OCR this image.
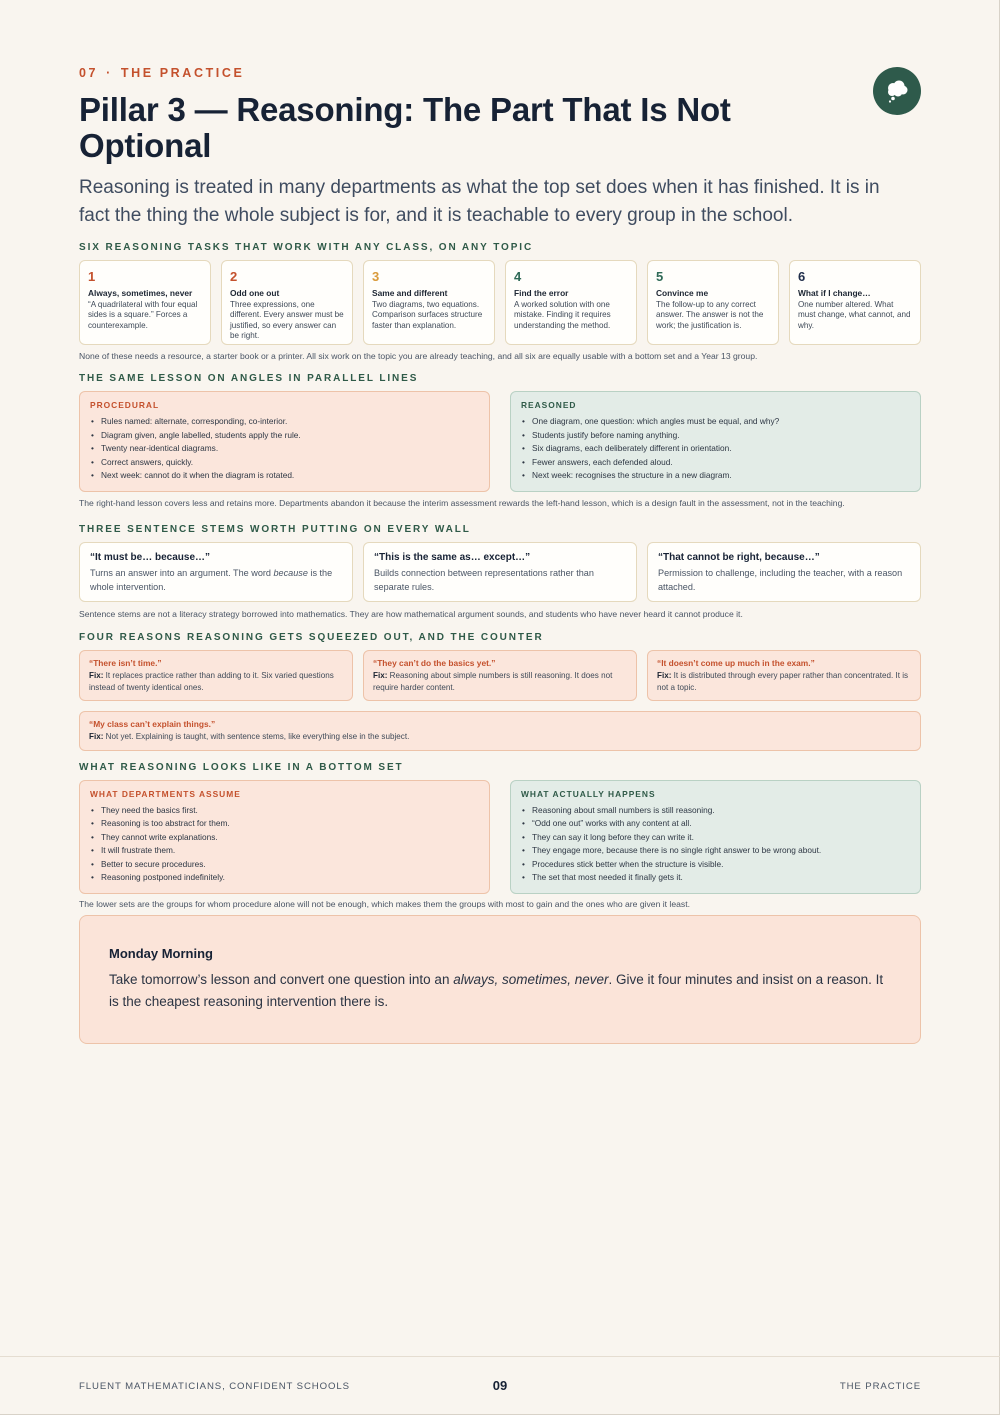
07 · THE PRACTICE
Pillar 3 — Reasoning: The Part That Is Not Optional

Reasoning is treated in many departments as what the top set does when it has finished. It is in fact the thing the whole subject is for, and it is teachable to every group in the school.

SIX REASONING TASKS THAT WORK WITH ANY CLASS, ON ANY TOPIC
1
Always, sometimes, never
“A quadrilateral with four equal sides is a square.” Forces a counterexample.
2
Odd one out
Three expressions, one different. Every answer must be justified, so every answer can be right.
3
Same and different
Two diagrams, two equations. Comparison surfaces structure faster than explanation.
4
Find the error
A worked solution with one mistake. Finding it requires understanding the method.
5
Convince me
The follow-up to any correct answer. The answer is not the work; the justification is.
6
What if I change…
One number altered. What must change, what cannot, and why.
None of these needs a resource, a starter book or a printer. All six work on the topic you are already teaching, and all six are equally usable with a bottom set and a Year 13 group.
THE SAME LESSON ON ANGLES IN PARALLEL LINES
PROCEDURAL
• Rules named: alternate, corresponding, co-interior.
• Diagram given, angle labelled, students apply the rule.
• Twenty near-identical diagrams.
• Correct answers, quickly.
• Next week: cannot do it when the diagram is rotated.
REASONED
• One diagram, one question: which angles must be equal, and why?
• Students justify before naming anything.
• Six diagrams, each deliberately different in orientation.
• Fewer answers, each defended aloud.
• Next week: recognises the structure in a new diagram.
The right-hand lesson covers less and retains more. Departments abandon it because the interim assessment rewards the left-hand lesson, which is a design fault in the assessment, not in the teaching.
THREE SENTENCE STEMS WORTH PUTTING ON EVERY WALL
“It must be… because…”
Turns an answer into an argument. The word because is the whole intervention.
“This is the same as… except…”
Builds connection between representations rather than separate rules.
“That cannot be right, because…”
Permission to challenge, including the teacher, with a reason attached.
Sentence stems are not a literacy strategy borrowed into mathematics. They are how mathematical argument sounds, and students who have never heard it cannot produce it.
FOUR REASONS REASONING GETS SQUEEZED OUT, AND THE COUNTER
“There isn’t time.”
Fix: It replaces practice rather than adding to it. Six varied questions instead of twenty identical ones.
“They can’t do the basics yet.”
Fix: Reasoning about simple numbers is still reasoning. It does not require harder content.
“It doesn’t come up much in the exam.”
Fix: It is distributed through every paper rather than concentrated. It is not a topic.
“My class can’t explain things.”
Fix: Not yet. Explaining is taught, with sentence stems, like everything else in the subject.
WHAT REASONING LOOKS LIKE IN A BOTTOM SET
WHAT DEPARTMENTS ASSUME
• They need the basics first.
• Reasoning is too abstract for them.
• They cannot write explanations.
• It will frustrate them.
• Better to secure procedures.
• Reasoning postponed indefinitely.
WHAT ACTUALLY HAPPENS
• Reasoning about small numbers is still reasoning.
• “Odd one out” works with any content at all.
• They can say it long before they can write it.
• They engage more, because there is no single right answer to be wrong about.
• Procedures stick better when the structure is visible.
• The set that most needed it finally gets it.
The lower sets are the groups for whom procedure alone will not be enough, which makes them the groups with most to gain and the ones who are given it least.
Monday Morning
Take tomorrow’s lesson and convert one question into an always, sometimes, never. Give it four minutes and insist on a reason. It is the cheapest reasoning intervention there is.
FLUENT MATHEMATICIANS, CONFIDENT SCHOOLS	09	THE PRACTICE
